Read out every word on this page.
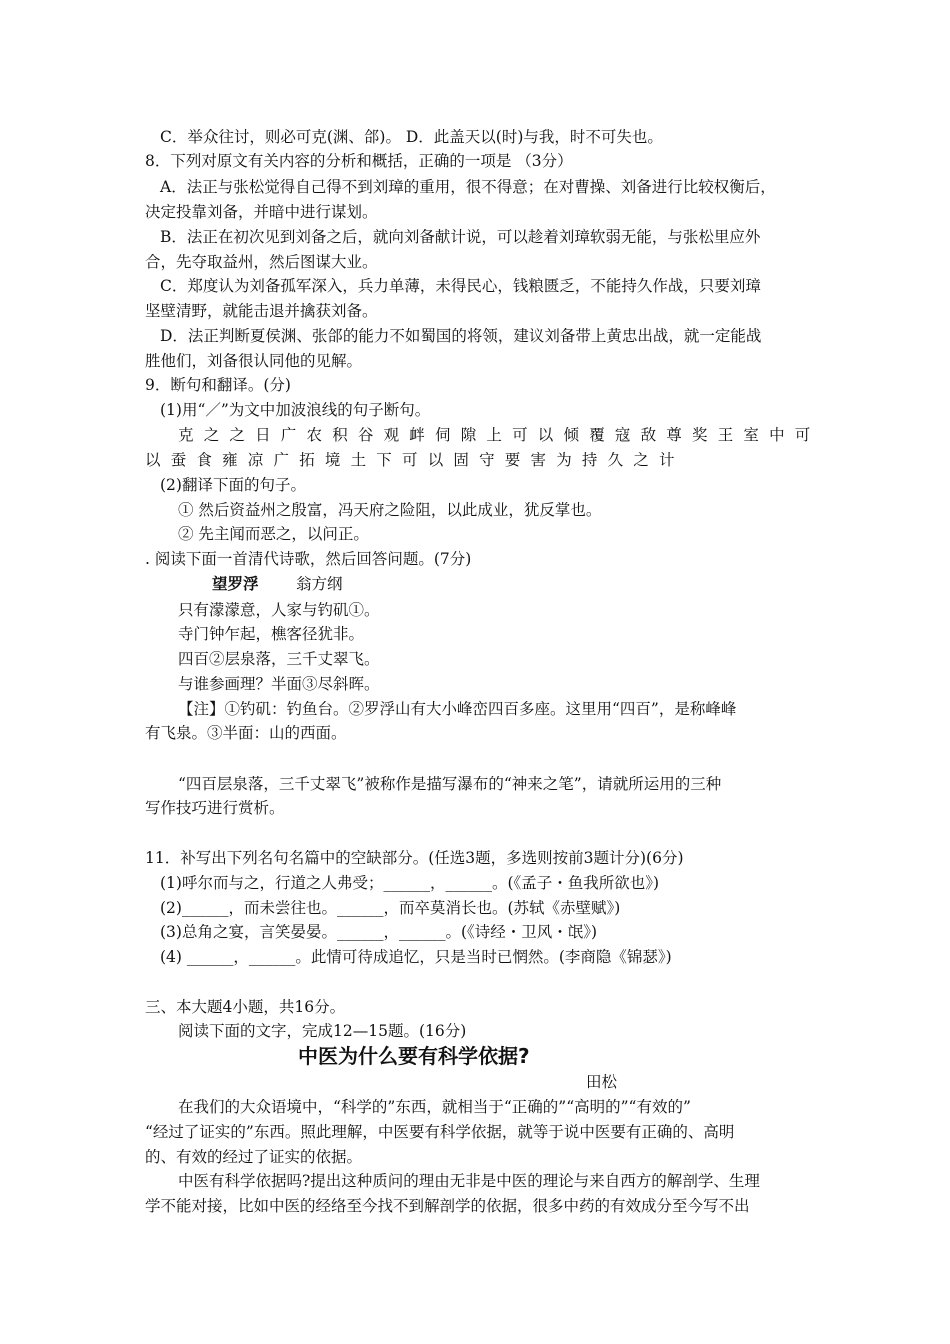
C．举众往讨，则必可克(渊、郃)。 D．此盖天以(时)与我，时不可失也。
8．下列对原文有关内容的分析和概括，正确的一项是 （3分）
A．法正与张松觉得自己得不到刘璋的重用，很不得意；在对曹操、刘备进行比较权衡后，
决定投靠刘备，并暗中进行谋划。
B．法正在初次见到刘备之后，就向刘备献计说，可以趁着刘璋软弱无能，与张松里应外
合，先夺取益州，然后图谋大业。
C．郑度认为刘备孤军深入，兵力单薄，未得民心，钱粮匮乏，不能持久作战，只要刘璋
坚壁清野，就能击退并擒获刘备。
D．法正判断夏侯渊、张郃的能力不如蜀国的将领，建议刘备带上黄忠出战，就一定能战
胜他们，刘备很认同他的见解。
9．断句和翻译。(分)
(1)用“／”为文中加波浪线的句子断句。
克之之日广农积谷观衅伺隙上可以倾覆寇敌尊奖王室中可
以蚕食雍凉广拓境土下可以固守要害为持久之计
(2)翻译下面的句子。
① 然后资益州之殷富，冯天府之险阻，以此成业，犹反掌也。
② 先主闻而恶之，以问正。
. 阅读下面一首清代诗歌，然后回答问题。(7分)
望罗浮 翁方纲
只有濛濛意，人家与钓矶①。
寺门钟乍起，樵客径犹非。
四百②层泉落，三千丈翠飞。
与谁参画理？半面③尽斜晖。
【注】①钓矶：钓鱼台。②罗浮山有大小峰峦四百多座。这里用“四百”，是称峰峰
有飞泉。③半面：山的西面。
“四百层泉落，三千丈翠飞”被称作是描写瀑布的“神来之笔”，请就所运用的三种
写作技巧进行赏析。
11．补写出下列名句名篇中的空缺部分。(任选3题，多选则按前3题计分)(6分)
(1)呼尔而与之，行道之人弗受；______，______。(《孟子・鱼我所欲也》)
(2)______，而未尝往也。______，而卒莫消长也。(苏轼《赤壁赋》)
(3)总角之宴，言笑晏晏。______，______。(《诗经・卫风・氓》)
(4) ______，______。此情可待成追忆，只是当时已惘然。(李商隐《锦瑟》)
三、本大题4小题，共16分。
阅读下面的文字，完成12—15题。(16分)
中医为什么要有科学依据?
田松
在我们的大众语境中，“科学的”东西，就相当于“正确的”“高明的”“有效的”
“经过了证实的”东西。照此理解，中医要有科学依据，就等于说中医要有正确的、高明
的、有效的经过了证实的依据。
中医有科学依据吗?提出这种质问的理由无非是中医的理论与来自西方的解剖学、生理
学不能对接，比如中医的经络至今找不到解剖学的依据，很多中药的有效成分至今写不出
